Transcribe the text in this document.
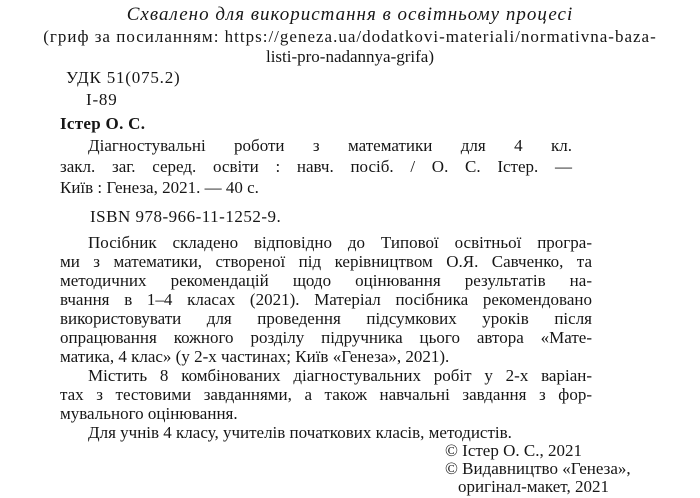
Схвалено для використання в освітньому процесі
(гриф за посиланням: https://geneza.ua/dodatkovi-materiali/normativna-baza-
listi-pro-nadannya-grifa)
УДК 51(075.2)
І-89
Істер О. С.
Діагностувальні роботи з математики для 4 кл.
закл. заг. серед. освіти : навч. посіб. / О. С. Істер. —
Київ : Генеза, 2021. — 40 с.
ISBN 978-966-11-1252-9.
Посібник складено відповідно до Типової освітньої програ-
ми з математики, створеної під керівництвом О.Я. Савченко, та
методичних рекомендацій щодо оцінювання результатів на-
вчання в 1–4 класах (2021). Матеріал посібника рекомендовано
використовувати для проведення підсумкових уроків після
опрацювання кожного розділу підручника цього автора «Мате-
матика, 4 клас» (у 2-х частинах; Київ «Генеза», 2021).
Містить 8 комбінованих діагностувальних робіт у 2-х варіан-
тах з тестовими завданнями, а також навчальні завдання з фор-
мувального оцінювання.
Для учнів 4 класу, учителів початкових класів, методистів.
© Істер О. С., 2021
© Видавництво «Генеза»,
оригінал-макет, 2021
